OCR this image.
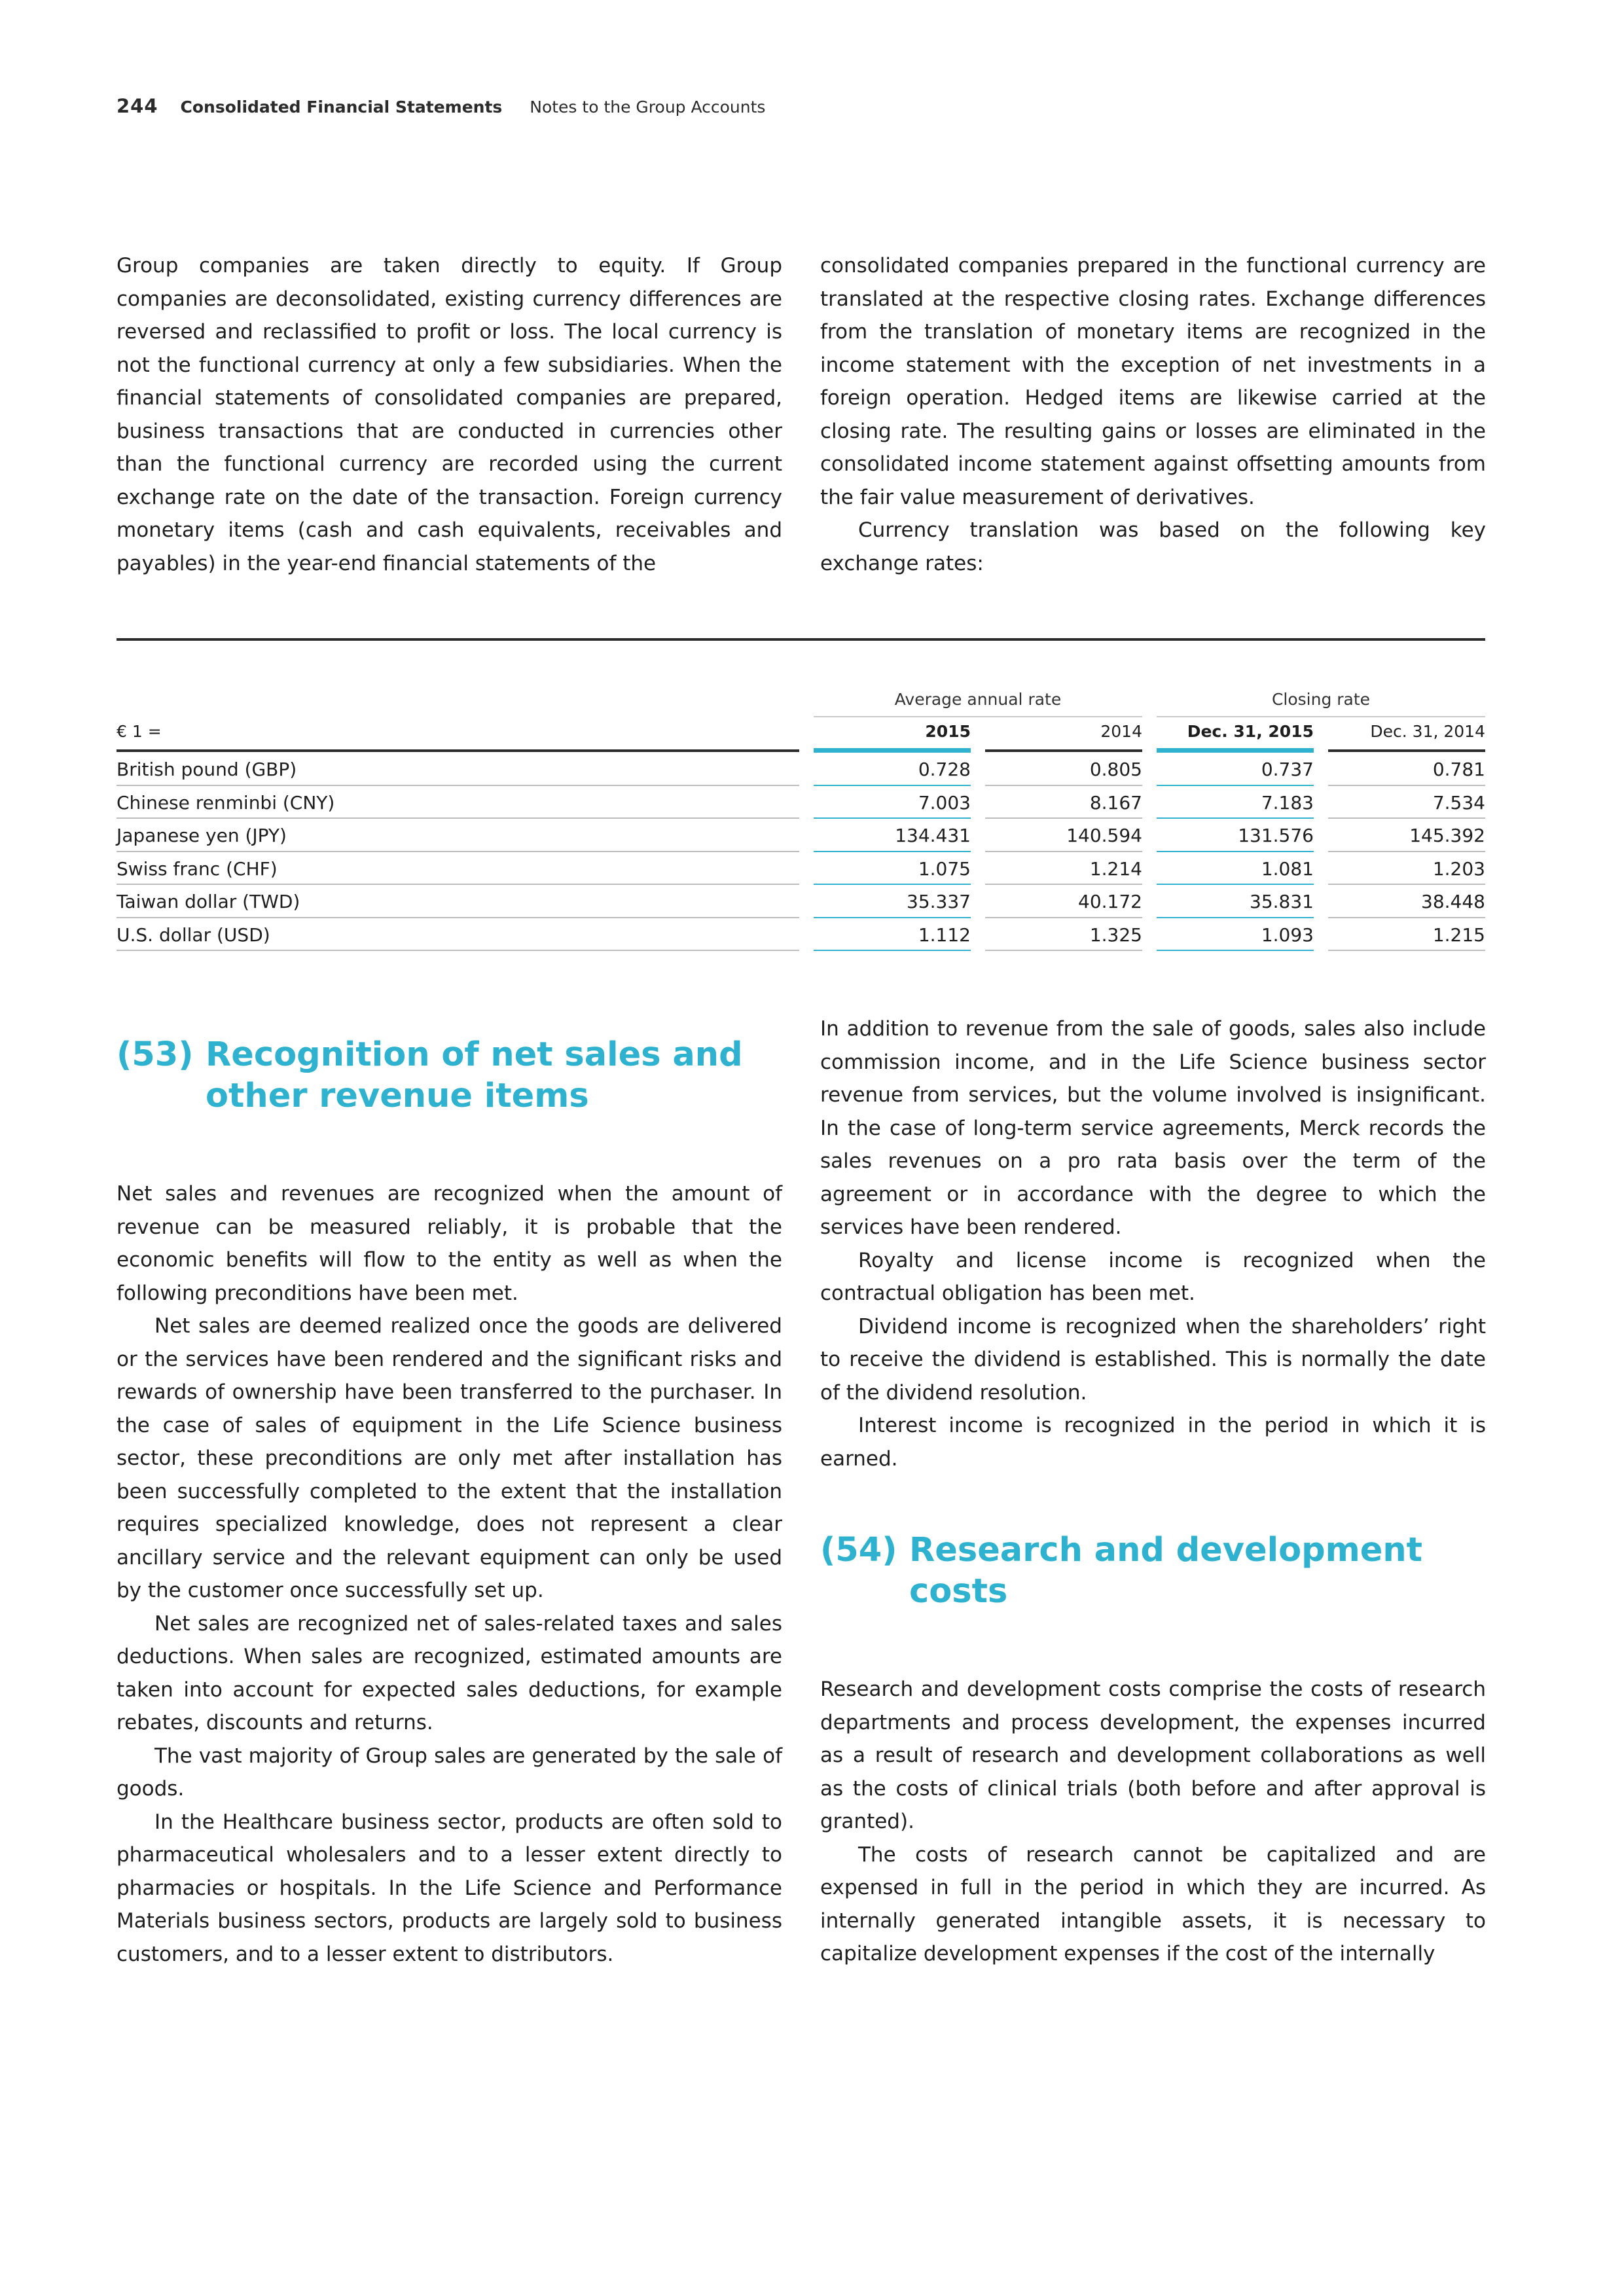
244 Consolidated Financial Statements Notes to the Group Accounts

Group companies are taken directly to equity. If Group companies are deconsolidated, existing currency differences are reversed and reclassified to profit or loss. The local currency is not the functional currency at only a few subsidiaries. When the financial statements of consolidated companies are prepared, business transactions that are conducted in currencies other than the functional currency are recorded using the current exchange rate on the date of the transaction. Foreign currency monetary items (cash and cash equivalents, receivables and payables) in the year-end financial statements of the

consolidated companies prepared in the functional currency are translated at the respective closing rates. Exchange differences from the translation of monetary items are recognized in the income statement with the exception of net investments in a foreign operation. Hedged items are likewise carried at the closing rate. The resulting gains or losses are eliminated in the consolidated income statement against offsetting amounts from the fair value measurement of derivatives.

Currency translation was based on the following key exchange rates:

Average annual rate	Closing rate
€ 1 =	2015	2014	Dec. 31, 2015	Dec. 31, 2014
British pound (GBP)	0.728	0.805	0.737	0.781
Chinese renminbi (CNY)	7.003	8.167	7.183	7.534
Japanese yen (JPY)	134.431	140.594	131.576	145.392
Swiss franc (CHF)	1.075	1.214	1.081	1.203
Taiwan dollar (TWD)	35.337	40.172	35.831	38.448
U.S. dollar (USD)	1.112	1.325	1.093	1.215
(53) Recognition of net sales and
other revenue items

Net sales and revenues are recognized when the amount of revenue can be measured reliably, it is probable that the economic benefits will flow to the entity as well as when the following preconditions have been met.

Net sales are deemed realized once the goods are delivered or the services have been rendered and the significant risks and rewards of ownership have been transferred to the purchaser. In the case of sales of equipment in the Life Science business sector, these preconditions are only met after installation has been successfully completed to the extent that the installation requires specialized knowledge, does not represent a clear ancillary service and the relevant equipment can only be used by the customer once successfully set up.

Net sales are recognized net of sales-related taxes and sales deductions. When sales are recognized, estimated amounts are taken into account for expected sales deductions, for example rebates, discounts and returns.

The vast majority of Group sales are generated by the sale of goods.

In the Healthcare business sector, products are often sold to pharmaceutical wholesalers and to a lesser extent directly to pharmacies or hospitals. In the Life Science and Performance Materials business sectors, products are largely sold to business customers, and to a lesser extent to distributors.

In addition to revenue from the sale of goods, sales also include commission income, and in the Life Science business sector revenue from services, but the volume involved is insignificant. In the case of long-term service agreements, Merck records the sales revenues on a pro rata basis over the term of the agreement or in accordance with the degree to which the services have been rendered.

Royalty and license income is recognized when the contractual obligation has been met.

Dividend income is recognized when the shareholders’ right to receive the dividend is established. This is normally the date of the dividend resolution.

Interest income is recognized in the period in which it is earned.

(54) Research and development
costs

Research and development costs comprise the costs of research departments and process development, the expenses incurred as a result of research and development collaborations as well as the costs of clinical trials (both before and after approval is granted).

The costs of research cannot be capitalized and are expensed in full in the period in which they are incurred. As internally generated intangible assets, it is necessary to capitalize development expenses if the cost of the internally
